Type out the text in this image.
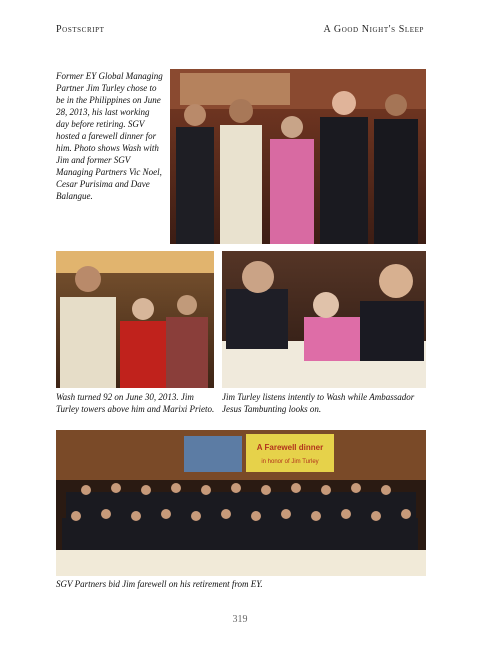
Postscript	A Good Night's Sleep
Former EY Global Managing Partner Jim Turley chose to be in the Philippines on June 28, 2013, his last working day before retiring. SGV hosted a farewell dinner for him. Photo shows Wash with Jim and former SGV Managing Partners Vic Noel, Cesar Purisima and Dave Balangue.
Wash turned 92 on June 30, 2013. Jim Turley towers above him and Marixi Prieto.
Jim Turley listens intently to Wash while Ambassador Jesus Tambunting looks on.
A Farewell dinner
in honor of Jim Turley
SGV Partners bid Jim farewell on his retirement from EY.
319
